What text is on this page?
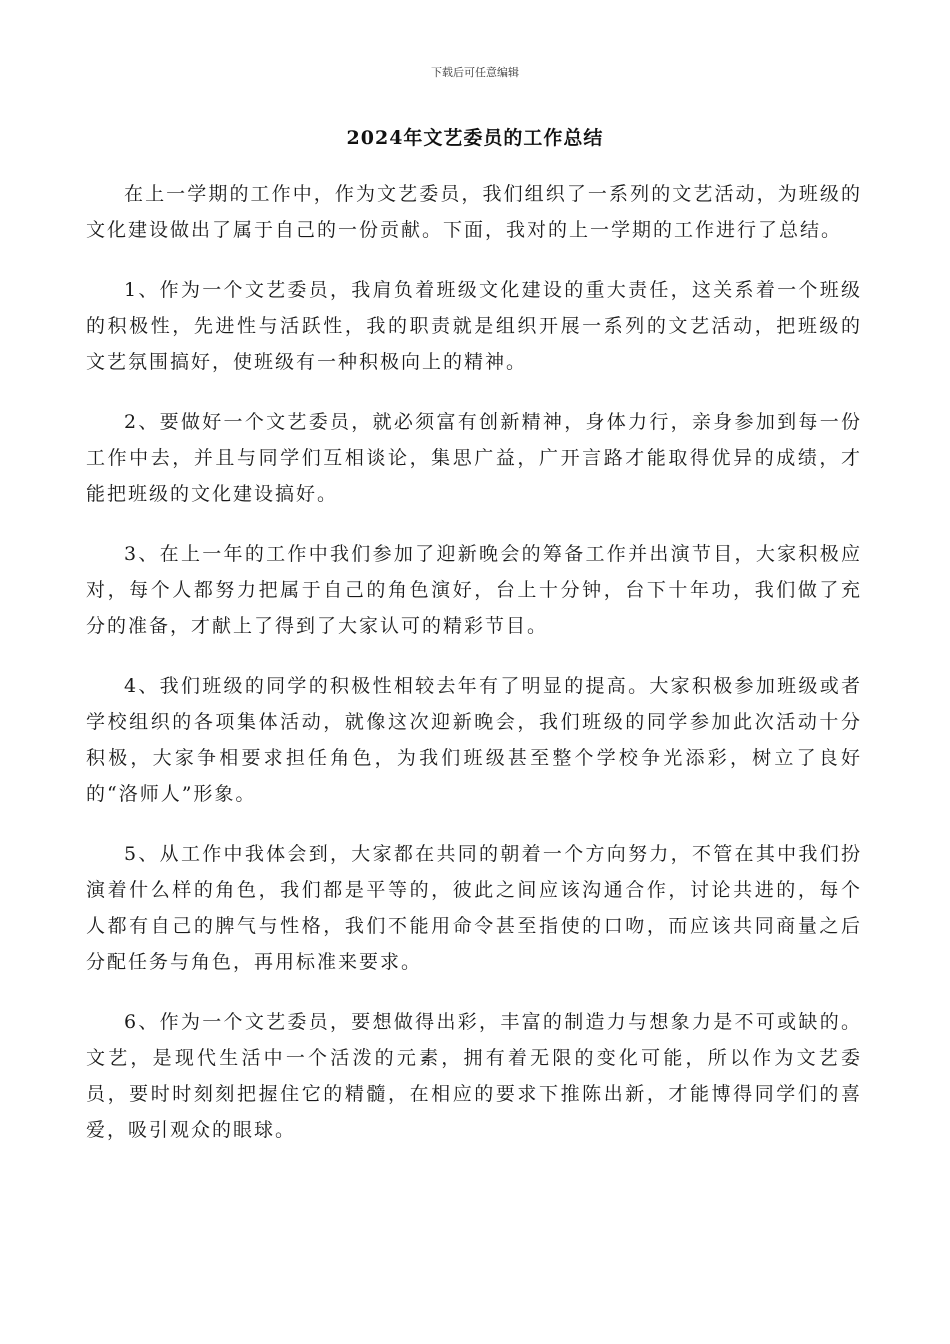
下载后可任意编辑
2024年文艺委员的工作总结

在上一学期的工作中，作为文艺委员，我们组织了一系列的文艺活动，为班级的文化建设做出了属于自己的一份贡献。下面，我对的上一学期的工作进行了总结。

1、作为一个文艺委员，我肩负着班级文化建设的重大责任，这关系着一个班级的积极性，先进性与活跃性，我的职责就是组织开展一系列的文艺活动，把班级的文艺氛围搞好，使班级有一种积极向上的精神。

2、要做好一个文艺委员，就必须富有创新精神，身体力行，亲身参加到每一份工作中去，并且与同学们互相谈论，集思广益，广开言路才能取得优异的成绩，才能把班级的文化建设搞好。

3、在上一年的工作中我们参加了迎新晚会的筹备工作并出演节目，大家积极应对，每个人都努力把属于自己的角色演好，台上十分钟，台下十年功，我们做了充分的准备，才献上了得到了大家认可的精彩节目。

4、我们班级的同学的积极性相较去年有了明显的提高。大家积极参加班级或者学校组织的各项集体活动，就像这次迎新晚会，我们班级的同学参加此次活动十分积极，大家争相要求担任角色，为我们班级甚至整个学校争光添彩，树立了良好的“洛师人”形象。

5、从工作中我体会到，大家都在共同的朝着一个方向努力，不管在其中我们扮演着什么样的角色，我们都是平等的，彼此之间应该沟通合作，讨论共进的，每个人都有自己的脾气与性格，我们不能用命令甚至指使的口吻，而应该共同商量之后分配任务与角色，再用标准来要求。

6、作为一个文艺委员，要想做得出彩，丰富的制造力与想象力是不可或缺的。文艺，是现代生活中一个活泼的元素，拥有着无限的变化可能，所以作为文艺委员，要时时刻刻把握住它的精髓，在相应的要求下推陈出新，才能博得同学们的喜爱，吸引观众的眼球。
